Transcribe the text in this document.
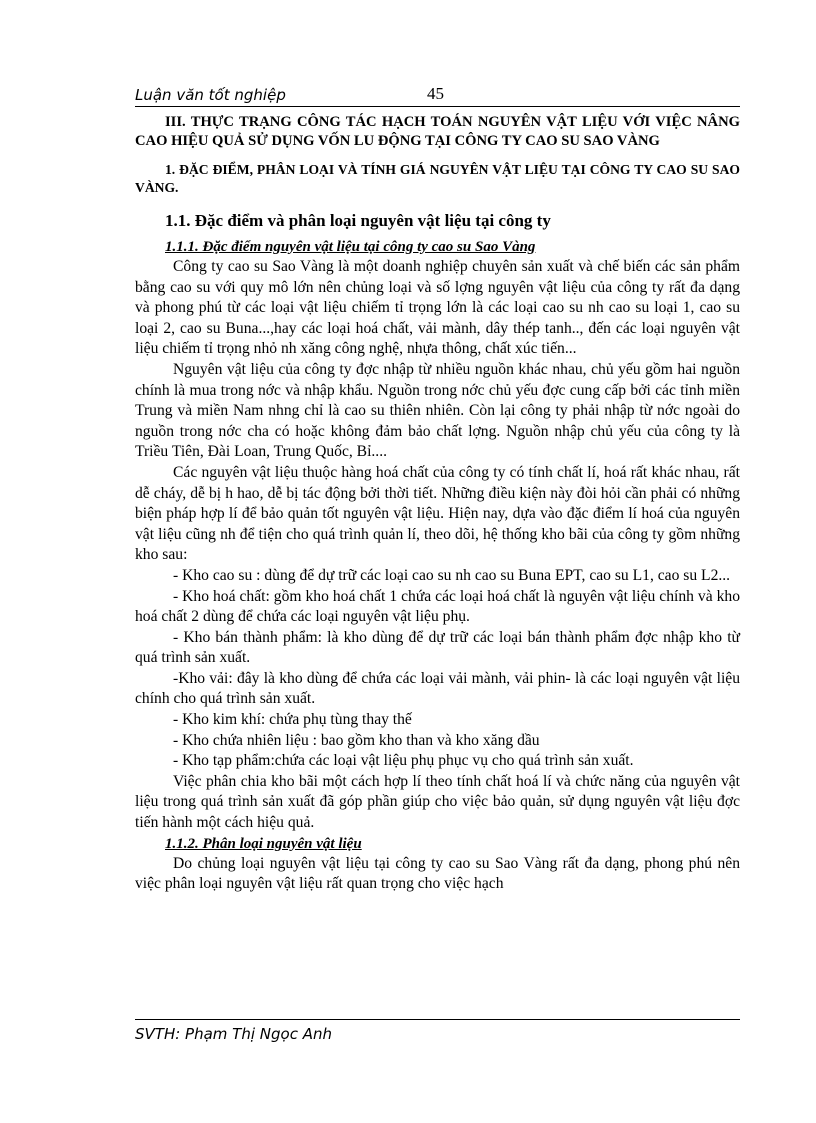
Luận văn tốt nghiệp	45

III. THỰC TRẠNG CÔNG TÁC HẠCH TOÁN NGUYÊN VẬT LIỆU VỚI VIỆC NÂNG CAO HIỆU QUẢ SỬ DỤNG VỐN LU ĐỘNG TẠI CÔNG TY CAO SU SAO VÀNG

1. ĐẶC ĐIỂM, PHÂN LOẠI VÀ TÍNH GIÁ NGUYÊN VẬT LIỆU TẠI CÔNG TY CAO SU SAO VÀNG.

1.1. Đặc điểm và phân loại nguyên vật liệu tại công ty

1.1.1. Đặc điểm nguyên vật liệu tại công ty cao su Sao Vàng

Công ty cao su Sao Vàng là một doanh nghiệp chuyên sản xuất và chế biến các sản phẩm bằng cao su với quy mô lớn nên chủng loại và số lợng nguyên vật liệu của công ty rất đa dạng và phong phú từ các loại vật liệu chiếm tỉ trọng lớn là các loại cao su nh cao su loại 1, cao su loại 2, cao su Buna...,hay các loại hoá chất, vải mành, dây thép tanh.., đến các loại nguyên vật liệu chiếm tỉ trọng nhỏ nh xăng công nghệ, nhựa thông, chất xúc tiến...

Nguyên vật liệu của công ty đợc nhập từ nhiều nguồn khác nhau, chủ yếu gồm hai nguồn chính là mua trong nớc và nhập khẩu. Nguồn trong nớc chủ yếu đợc cung cấp bởi các tỉnh miền Trung và miền Nam nhng chỉ là cao su thiên nhiên. Còn lại công ty phải nhập từ nớc ngoài do nguồn trong nớc cha có hoặc không đảm bảo chất lợng. Nguồn nhập chủ yếu của công ty là Triều Tiên, Đài Loan, Trung Quốc, Bỉ....

Các nguyên vật liệu thuộc hàng hoá chất của công ty có tính chất lí, hoá rất khác nhau, rất dễ cháy, dễ bị h hao, dễ bị tác động bởi thời tiết. Những điều kiện này đòi hỏi cần phải có những biện pháp hợp lí để bảo quản tốt nguyên vật liệu. Hiện nay, dựa vào đặc điểm lí hoá của nguyên vật liệu cũng nh để tiện cho quá trình quản lí, theo dõi, hệ thống kho bãi của công ty gồm những kho sau:

- Kho cao su : dùng để dự trữ các loại cao su nh cao su Buna EPT, cao su L1, cao su L2...

- Kho hoá chất: gồm kho hoá chất 1 chứa các loại hoá chất là nguyên vật liệu chính và kho hoá chất 2 dùng để chứa các loại nguyên vật liệu phụ.

- Kho bán thành phẩm: là kho dùng để dự trữ các loại bán thành phẩm đợc nhập kho từ quá trình sản xuất.

-Kho vải: đây là kho dùng để chứa các loại vải mành, vải phin- là các loại nguyên vật liệu chính cho quá trình sản xuất.

- Kho kim khí: chứa phụ tùng thay thế

- Kho chứa nhiên liệu : bao gồm kho than và kho xăng dầu

- Kho tạp phẩm:chứa các loại vật liệu phụ phục vụ cho quá trình sản xuất.

Việc phân chia kho bãi một cách hợp lí theo tính chất hoá lí và chức năng của nguyên vật liệu trong quá trình sản xuất đã góp phần giúp cho việc bảo quản, sử dụng nguyên vật liệu đợc tiến hành một cách hiệu quả.

1.1.2. Phân loại nguyên vật liệu

Do chủng loại nguyên vật liệu tại công ty cao su Sao Vàng rất đa dạng, phong phú nên việc phân loại nguyên vật liệu rất quan trọng cho việc hạch

SVTH: Phạm Thị Ngọc Anh
